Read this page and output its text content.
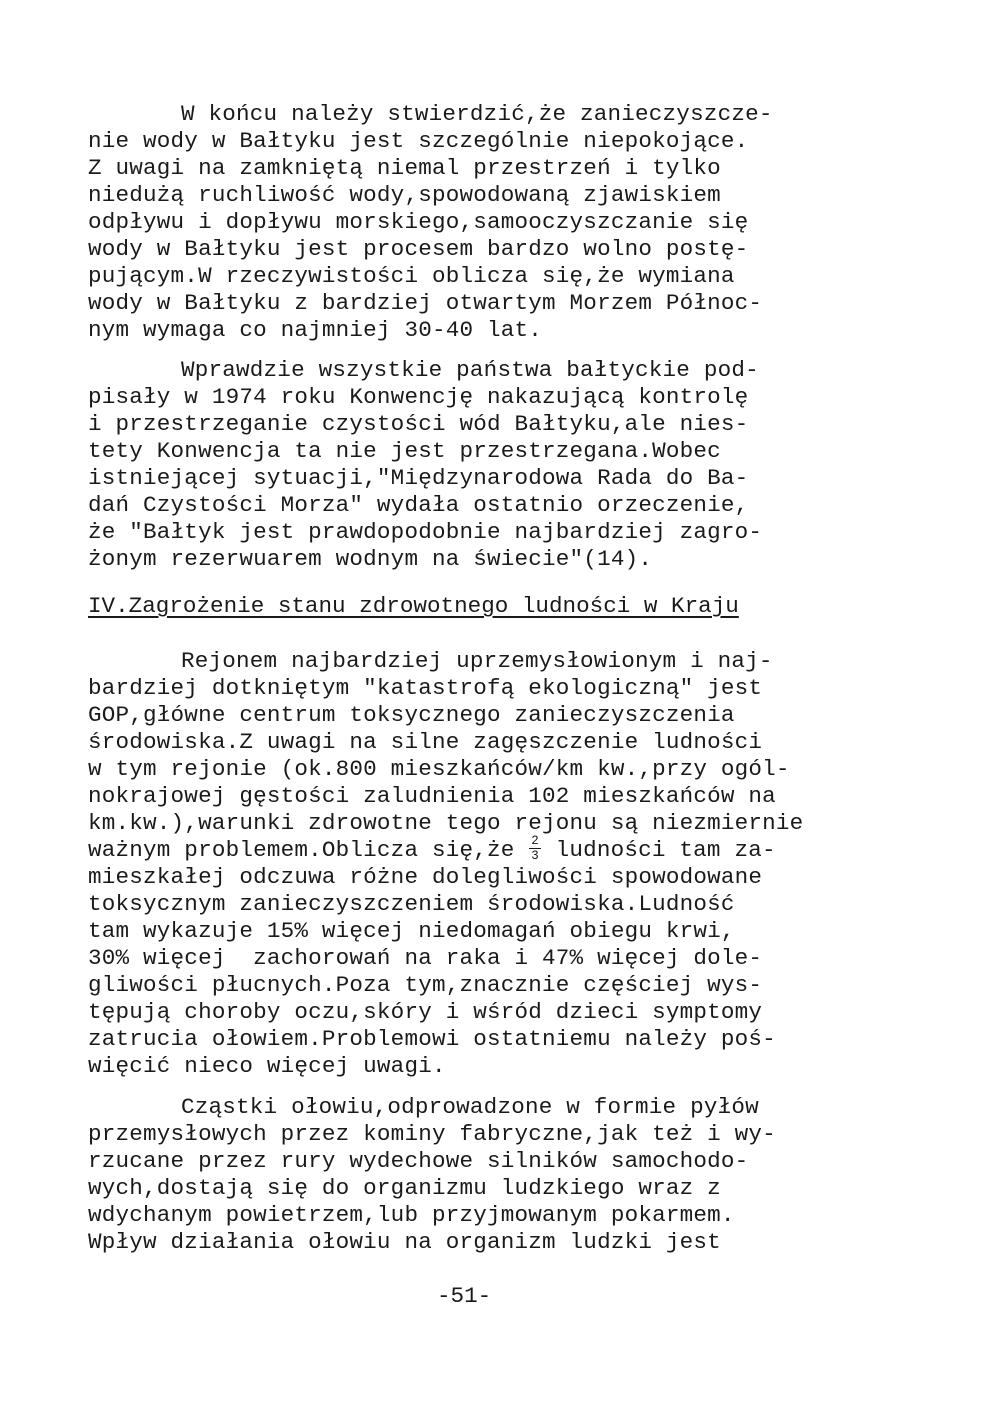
W końcu należy stwierdzić,że zanieczyszcze-
nie wody w Bałtyku jest szczególnie niepokojące.
Z uwagi na zamkniętą niemal przestrzeń i tylko
niedużą ruchliwość wody,spowodowaną zjawiskiem
odpływu i dopływu morskiego,samooczyszczanie się
wody w Bałtyku jest procesem bardzo wolno postę-
pującym.W rzeczywistości oblicza się,że wymiana
wody w Bałtyku z bardziej otwartym Morzem Północ-
nym wymaga co najmniej 30-40 lat.
Wprawdzie wszystkie państwa bałtyckie pod-
pisały w 1974 roku Konwencję nakazującą kontrolę
i przestrzeganie czystości wód Bałtyku,ale nies-
tety Konwencja ta nie jest przestrzegana.Wobec
istniejącej sytuacji,"Międzynarodowa Rada do Ba-
dań Czystości Morza" wydała ostatnio orzeczenie,
że "Bałtyk jest prawdopodobnie najbardziej zagro-
żonym rezerwuarem wodnym na świecie"(14).
IV.Zagrożenie stanu zdrowotnego ludności w Kraju
Rejonem najbardziej uprzemysłowionym i naj-
bardziej dotkniętym "katastrofą ekologiczną" jest
GOP,główne centrum toksycznego zanieczyszczenia
środowiska.Z uwagi na silne zagęszczenie ludności
w tym rejonie (ok.800 mieszkańców/km kw.,przy ogól-
nokrajowej gęstości zaludnienia 102 mieszkańców na
km.kw.),warunki zdrowotne tego rejonu są niezmiernie
ważnym problemem.Oblicza się,że $\frac{2}{3}$ ludności tam za-
mieszkałej odczuwa różne dolegliwości spowodowane
toksycznym zanieczyszczeniem środowiska.Ludność
tam wykazuje 15% więcej niedomagań obiegu krwi,
30% więcej  zachorowań na raka i 47% więcej dole-
gliwości płucnych.Poza tym,znacznie częściej wys-
tępują choroby oczu,skóry i wśród dzieci symptomy
zatrucia ołowiem.Problemowi ostatniemu należy poś-
więcić nieco więcej uwagi.
Cząstki ołowiu,odprowadzone w formie pyłów
przemysłowych przez kominy fabryczne,jak też i wy-
rzucane przez rury wydechowe silników samochodo-
wych,dostają się do organizmu ludzkiego wraz z
wdychanym powietrzem,lub przyjmowanym pokarmem.
Wpływ działania ołowiu na organizm ludzki jest
-51-
